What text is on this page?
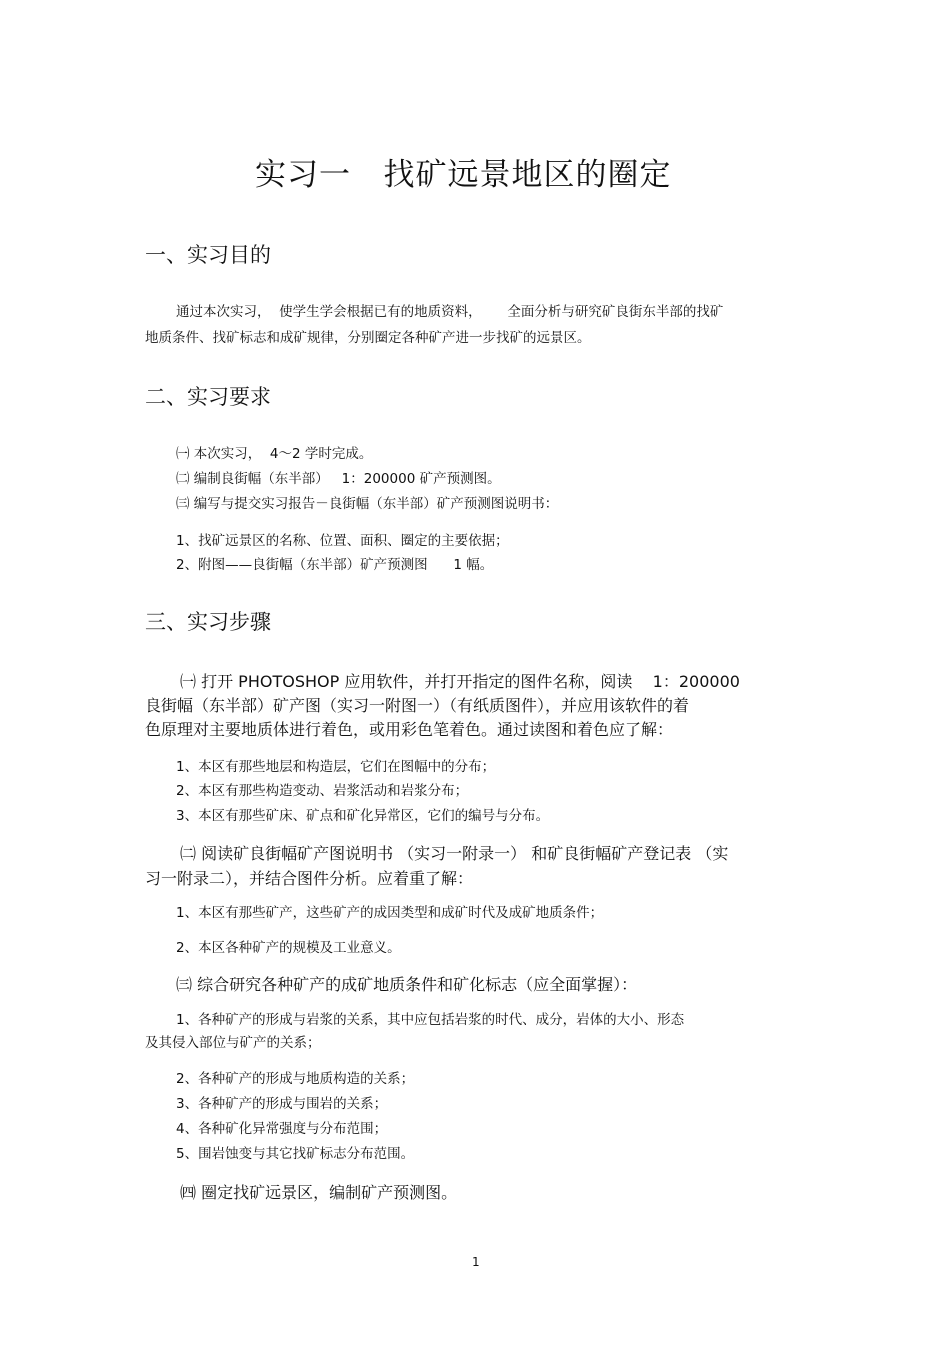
实习一   找矿远景地区的圈定
一、实习目的
通过本次实习，  使学生学会根据已有的地质资料，      全面分析与研究矿良街东半部的找矿
地质条件、找矿标志和成矿规律，分别圈定各种矿产进一步找矿的远景区。
二、实习要求
㈠ 本次实习，  4～2 学时完成。
㈡ 编制良街幅（东半部）   1：200000 矿产预测图。
㈢ 编写与提交实习报告－良街幅（东半部）矿产预测图说明书：
1、找矿远景区的名称、位置、面积、圈定的主要依据；
2、附图——良街幅（东半部）矿产预测图      1 幅。
三、实习步骤
㈠ 打开 PHOTOSHOP 应用软件，并打开指定的图件名称，阅读    1：200000
良街幅（东半部）矿产图（实习一附图一）（有纸质图件），并应用该软件的着
色原理对主要地质体进行着色，或用彩色笔着色。通过读图和着色应了解：
1、本区有那些地层和构造层，它们在图幅中的分布；
2、本区有那些构造变动、岩浆活动和岩浆分布；
3、本区有那些矿床、矿点和矿化异常区，它们的编号与分布。
㈡ 阅读矿良街幅矿产图说明书 （实习一附录一） 和矿良街幅矿产登记表 （实
习一附录二），并结合图件分析。应着重了解：
1、本区有那些矿产，这些矿产的成因类型和成矿时代及成矿地质条件；
2、本区各种矿产的规模及工业意义。
㈢ 综合研究各种矿产的成矿地质条件和矿化标志（应全面掌握）：
1、各种矿产的形成与岩浆的关系，其中应包括岩浆的时代、成分，岩体的大小、形态
及其侵入部位与矿产的关系；
2、各种矿产的形成与地质构造的关系；
3、各种矿产的形成与围岩的关系；
4、各种矿化异常强度与分布范围；
5、围岩蚀变与其它找矿标志分布范围。
㈣ 圈定找矿远景区，编制矿产预测图。
1
